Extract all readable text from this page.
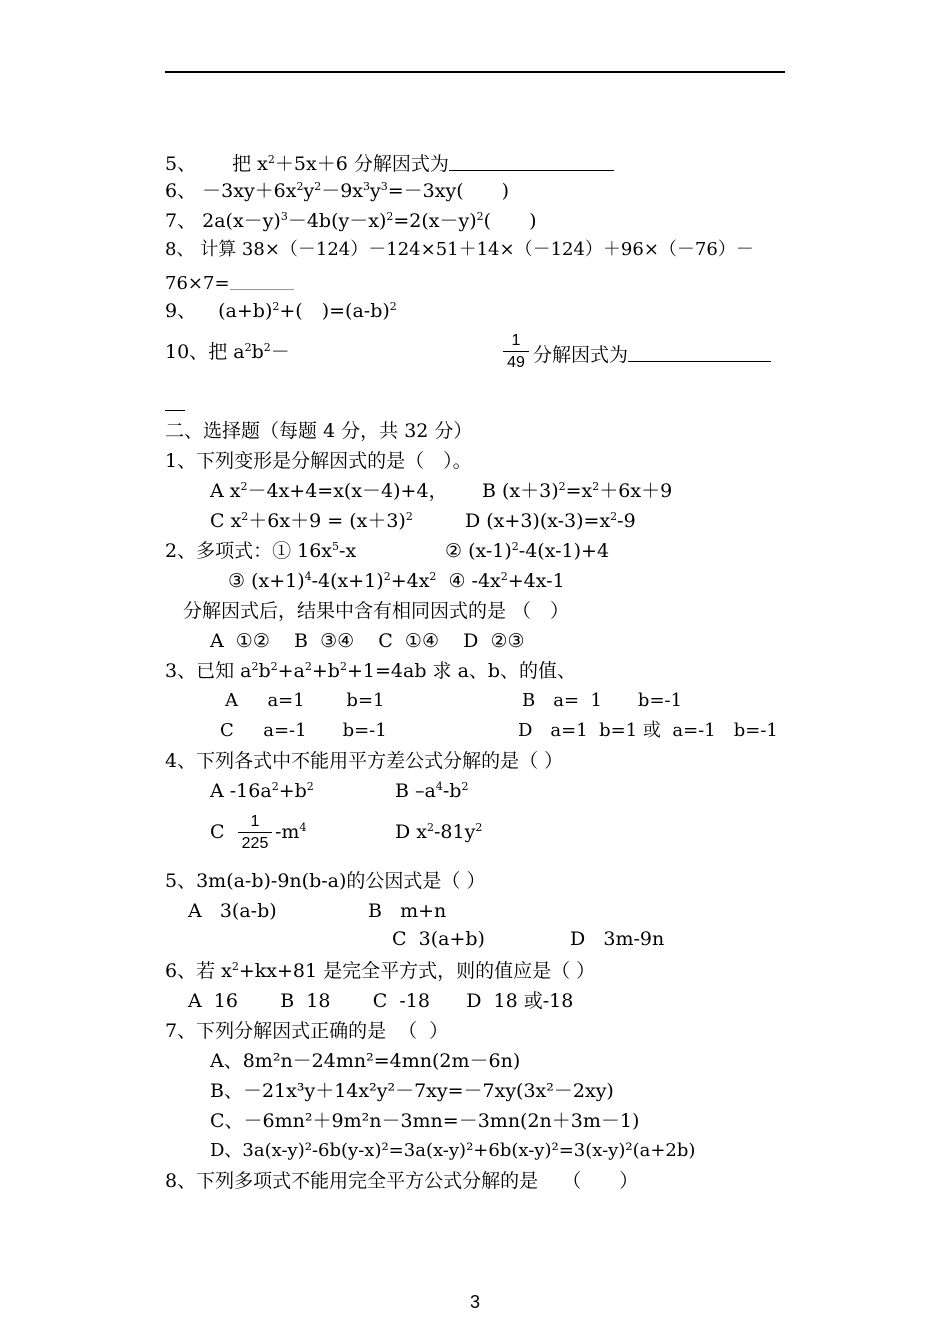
5、 把 $x^2+5x+6$ 分解因式为
6、 $-3xy+6x^2y^2-9x^3y^3=-3xy$(　　)
7、 $2a(x-y)^3-4b(y-x)^2=2(x-y)^2$(　　)
8、 计算 38×（－124）－124×51＋14×（－124）＋96×（－76）－
76×7=
9、 $(a+b)^2+$(　)$=(a-b)^2$
10、把 $a^2b^2-$
1
49 分解因式为
二、选择题（每题 4 分，共 32 分）
1、下列变形是分解因式的是（　）。
A $x^2-4x+4=x(x-4)+4$， B $(x+3)^2=x^2+6x+9$
C $x^2+6x+9 = (x+3)^2$	D $(x+3)(x-3)=x^2-9$
2、多项式：① $16x^5-x$	② $(x-1)^2-4(x-1)+4$
③ $(x+1)^4-4(x+1)^2+4x^2$ ④ $-4x^2+4x-1$
分解因式后，结果中含有相同因式的是 （　）
A  ①②    B  ③④    C  ①④    D  ②③
3、已知 $a^2b^2+a^2+b^2+1=4ab$ 求 a、b、的值、
A　  a=1　　 b=1	B　a=  1　　b=-1
C　  a=-1　　b=-1	D　a=1  b=1 或  a=-1　b=-1
4、下列各式中不能用平方差公式分解的是（ ）
A $-16a^2+b^2$	B $-a^4-b^2$
C	1
225
$-m^4$	D $x^2-81y^2$
5、3m(a-b)-9n(b-a)的公因式是（ ）
A   3(a-b)	B   m+n
C  3(a+b)	D   3m-9n
6、若 $x^2+kx+81$ 是完全平方式，则的值应是（ ）
A  16       B  18       C  -18      D  18 或-18
7、下列分解因式正确的是  （  ）
A、8m²n－24mn²=4mn(2m－6n)
B、－21x³y＋14x²y²－7xy=－7xy(3x²－2xy)
C、－6mn²＋9m²n－3mn=－3mn(2n＋3m－1)
D、3a(x-y)²-6b(y-x)²=3a(x-y)²+6b(x-y)²=3(x-y)²(a+2b)
8、下列多项式不能用完全平方公式分解的是    （　　）
3
